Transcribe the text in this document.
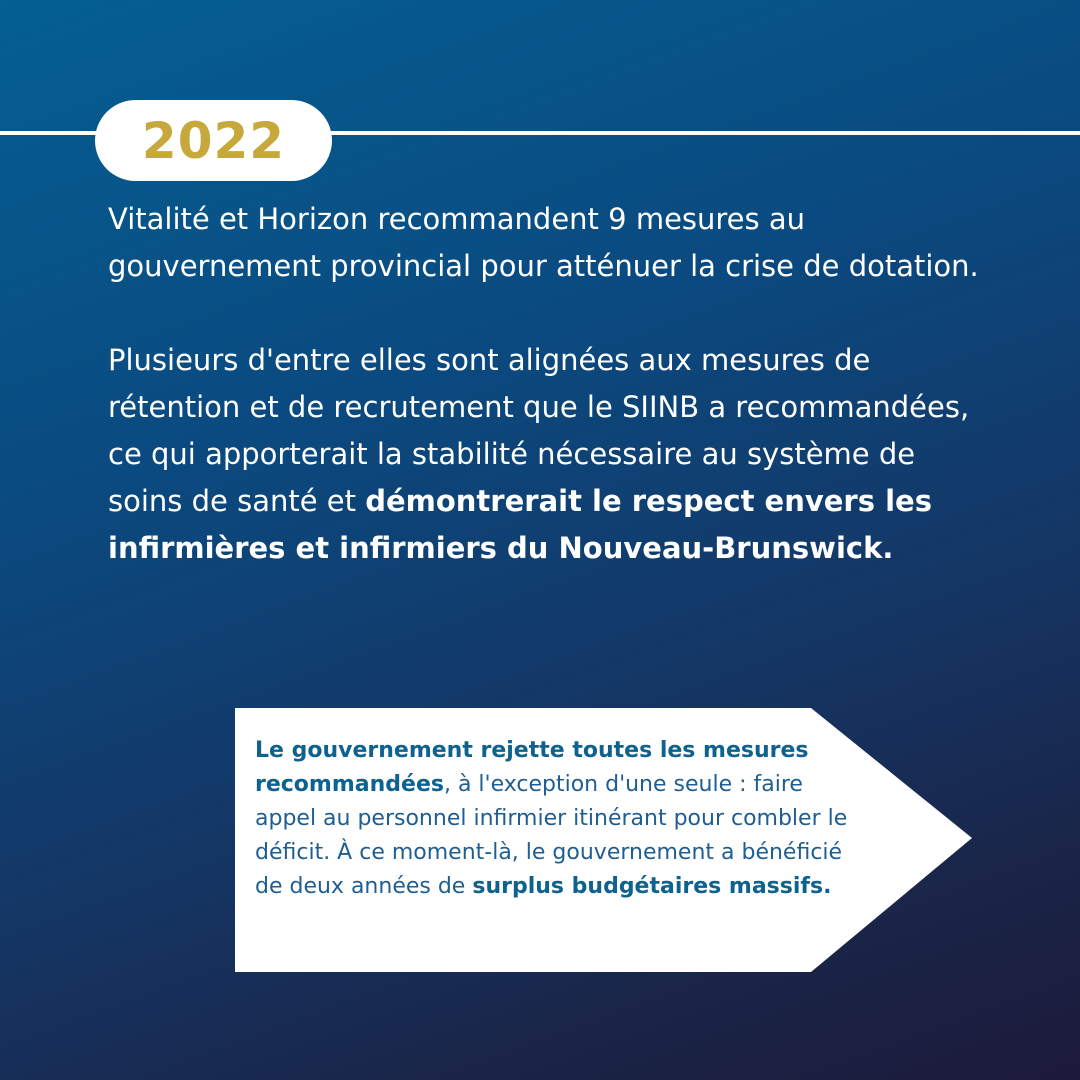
2022

Vitalité et Horizon recommandent 9 mesures au gouvernement provincial pour atténuer la crise de dotation.

Plusieurs d'entre elles sont alignées aux mesures de rétention et de recrutement que le SIINB a recommandées, ce qui apporterait la stabilité nécessaire au système de soins de santé et démontrerait le respect envers les infirmières et infirmiers du Nouveau-Brunswick.

Le gouvernement rejette toutes les mesures recommandées, à l'exception d'une seule : faire appel au personnel infirmier itinérant pour combler le déficit. À ce moment-là, le gouvernement a bénéficié de deux années de surplus budgétaires massifs.
